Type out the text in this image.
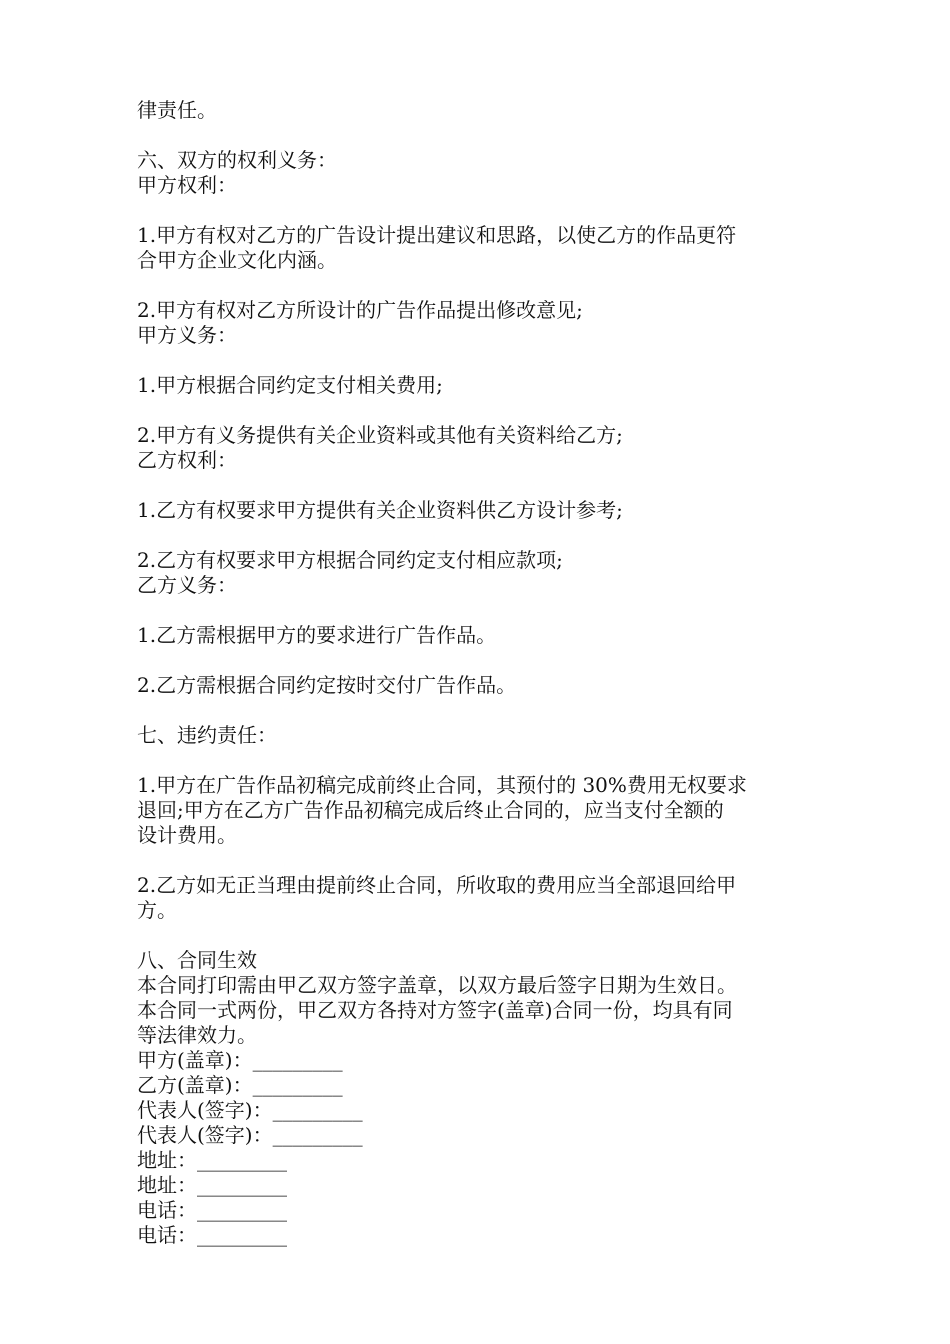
律责任。
六、双方的权利义务：
甲方权利：
1.甲方有权对乙方的广告设计提出建议和思路，以使乙方的作品更符
合甲方企业文化内涵。
2.甲方有权对乙方所设计的广告作品提出修改意见;
甲方义务：
1.甲方根据合同约定支付相关费用;
2.甲方有义务提供有关企业资料或其他有关资料给乙方;
乙方权利：
1.乙方有权要求甲方提供有关企业资料供乙方设计参考;
2.乙方有权要求甲方根据合同约定支付相应款项;
乙方义务：
1.乙方需根据甲方的要求进行广告作品。
2.乙方需根据合同约定按时交付广告作品。
七、违约责任：
1.甲方在广告作品初稿完成前终止合同，其预付的 30%费用无权要求
退回;甲方在乙方广告作品初稿完成后终止合同的，应当支付全额的
设计费用。
2.乙方如无正当理由提前终止合同，所收取的费用应当全部退回给甲
方。
八、合同生效
本合同打印需由甲乙双方签字盖章，以双方最后签字日期为生效日。
本合同一式两份，甲乙双方各持对方签字(盖章)合同一份，均具有同
等法律效力。
甲方(盖章)：_________
乙方(盖章)：_________
代表人(签字)：_________
代表人(签字)：_________
地址：_________
地址：_________
电话：_________
电话：_________
